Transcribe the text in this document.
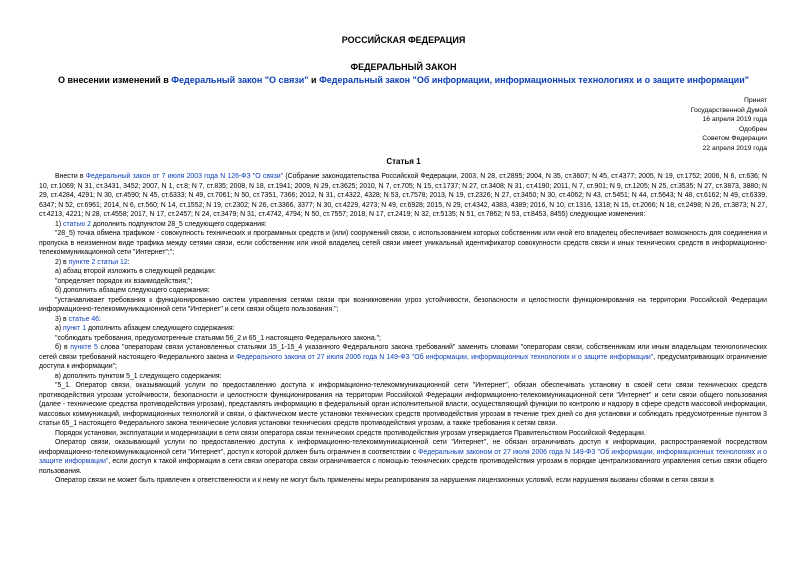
РОССИЙСКАЯ ФЕДЕРАЦИЯ
ФЕДЕРАЛЬНЫЙ ЗАКОН
О внесении изменений в Федеральный закон "О связи" и Федеральный закон "Об информации, информационных технологиях и о защите информации"
Принят
Государственной Думой
16 апреля 2019 года
Одобрен
Советом Федерации
22 апреля 2019 года
Статья 1

Внести в Федеральный закон от 7 июля 2003 года N 126-ФЗ "О связи" (Собрание законодательства Российской Федерации, 2003, N 28, ст.2895; 2004, N 35, ст.3607; N 45, ст.4377; 2005, N 19, ст.1752; 2006, N 6, ст.636; N 10, ст.1069; N 31, ст.3431, 3452; 2007, N 1, ст.8; N 7, ст.835; 2008, N 18, ст.1941; 2009, N 29, ст.3625; 2010, N 7, ст.705; N 15, ст.1737; N 27, ст.3408; N 31, ст.4190; 2011, N 7, ст.901; N 9, ст.1205; N 25, ст.3535; N 27, ст.3873, 3880; N 29, ст.4284, 4291; N 30, ст.4590; N 45, ст.6333; N 49, ст.7061; N 50, ст.7351, 7366; 2012, N 31, ст.4322, 4328; N 53, ст.7578; 2013, N 19, ст.2326; N 27, ст.3450; N 30, ст.4062; N 43, ст.5451; N 44, ст.5643; N 48, ст.6162; N 49, ст.6339, 6347; N 52, ст.6961; 2014, N 6, ст.560; N 14, ст.1552; N 19, ст.2302; N 26, ст.3366, 3377; N 30, ст.4229, 4273; N 49, ст.6928; 2015, N 29, ст.4342, 4383, 4389; 2016, N 10, ст.1316, 1318; N 15, ст.2066; N 18, ст.2498; N 26, ст.3873; N 27, ст.4213, 4221; N 28, ст.4558; 2017, N 17, ст.2457; N 24, ст.3479; N 31, ст.4742, 4794; N 50, ст.7557; 2018, N 17, ст.2419; N 32, ст.5135; N 51, ст.7862; N 53, ст.8453, 8455) следующие изменения:

1) статью 2 дополнить подпунктом 28_5 следующего содержания:

"28_5) точка обмена трафиком - совокупность технических и программных средств и (или) сооружений связи, с использованием которых собственник или иной его владелец обеспечивает возможность для соединения и пропуска в неизменном виде трафика между сетями связи, если собственник или иной владелец сетей связи имеет уникальный идентификатор совокупности средств связи и иных технических средств в информационно-телекоммуникационной сети "Интернет";";

2) в пункте 2 статьи 12:

а) абзац второй изложить в следующей редакции:

"определяет порядок их взаимодействия;";

б) дополнить абзацем следующего содержания:

"устанавливает требования к функционированию систем управления сетями связи при возникновении угроз устойчивости, безопасности и целостности функционирования на территории Российской Федерации информационно-телекоммуникационной сети "Интернет" и сети связи общего пользования.";

3) в статье 46:

а) пункт 1 дополнить абзацем следующего содержания:

"соблюдать требования, предусмотренные статьями 56_2 и 65_1 настоящего Федерального закона.";

б) в пункте 5 слова "операторам связи установленных статьями 15_1-15_4 указанного Федерального закона требований" заменить словами "операторам связи, собственникам или иным владельцам технологических сетей связи требований настоящего Федерального закона и Федерального закона от 27 июля 2006 года N 149-ФЗ "Об информации, информационных технологиях и о защите информации", предусматривающих ограничение доступа к информации";

в) дополнить пунктом 5_1 следующего содержания:

"5_1. Оператор связи, оказывающий услуги по предоставлению доступа к информационно-телекоммуникационной сети "Интернет", обязан обеспечивать установку в своей сети связи технических средств противодействия угрозам устойчивости, безопасности и целостности функционирования на территории Российской Федерации информационно-телекоммуникационной сети "Интернет" и сети связи общего пользования (далее - технические средства противодействия угрозам), представлять информацию в федеральный орган исполнительной власти, осуществляющий функции по контролю и надзору в сфере средств массовой информации, массовых коммуникаций, информационных технологий и связи, о фактическом месте установки технических средств противодействия угрозам в течение трех дней со дня установки и соблюдать предусмотренные пунктом 3 статьи 65_1 настоящего Федерального закона технические условия установки технических средств противодействия угрозам, а также требования к сетям связи.

Порядок установки, эксплуатации и модернизации в сети связи оператора связи технических средств противодействия угрозам утверждается Правительством Российской Федерации.

Оператор связи, оказывающий услуги по предоставлению доступа к информационно-телекоммуникационной сети "Интернет", не обязан ограничивать доступ к информации, распространяемой посредством информационно-телекоммуникационной сети "Интернет", доступ к которой должен быть ограничен в соответствии с Федеральным законом от 27 июля 2006 года N 149-ФЗ "Об информации, информационных технологиях и о защите информации", если доступ к такой информации в сети связи оператора связи ограничивается с помощью технических средств противодействия угрозам в порядке централизованного управления сетью связи общего пользования.

Оператор связи не может быть привлечен к ответственности и к нему не могут быть применены меры реагирования за нарушения лицензионных условий, если нарушения вызваны сбоями в сетях связи в
